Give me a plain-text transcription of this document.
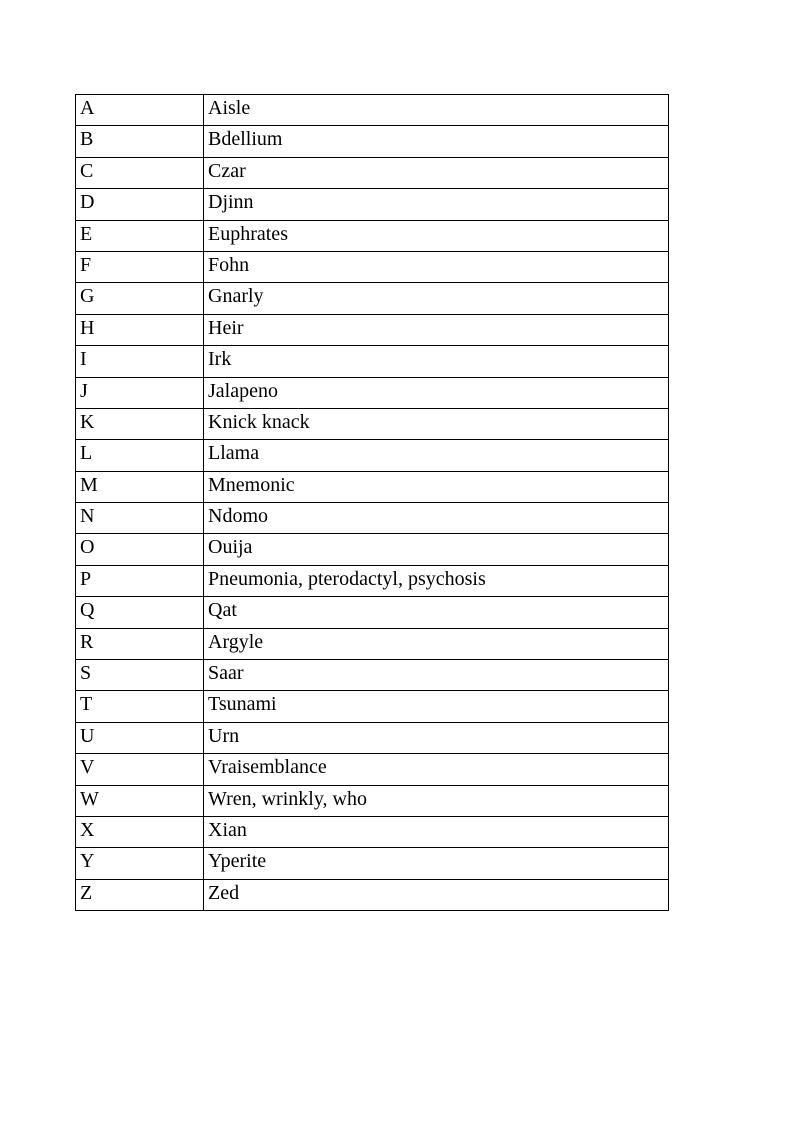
A	Aisle
B	Bdellium
C	Czar
D	Djinn
E	Euphrates
F	Fohn
G	Gnarly
H	Heir
I	Irk
J	Jalapeno
K	Knick knack
L	Llama
M	Mnemonic
N	Ndomo
O	Ouija
P	Pneumonia, pterodactyl, psychosis
Q	Qat
R	Argyle
S	Saar
T	Tsunami
U	Urn
V	Vraisemblance
W	Wren, wrinkly, who
X	Xian
Y	Yperite
Z	Zed
